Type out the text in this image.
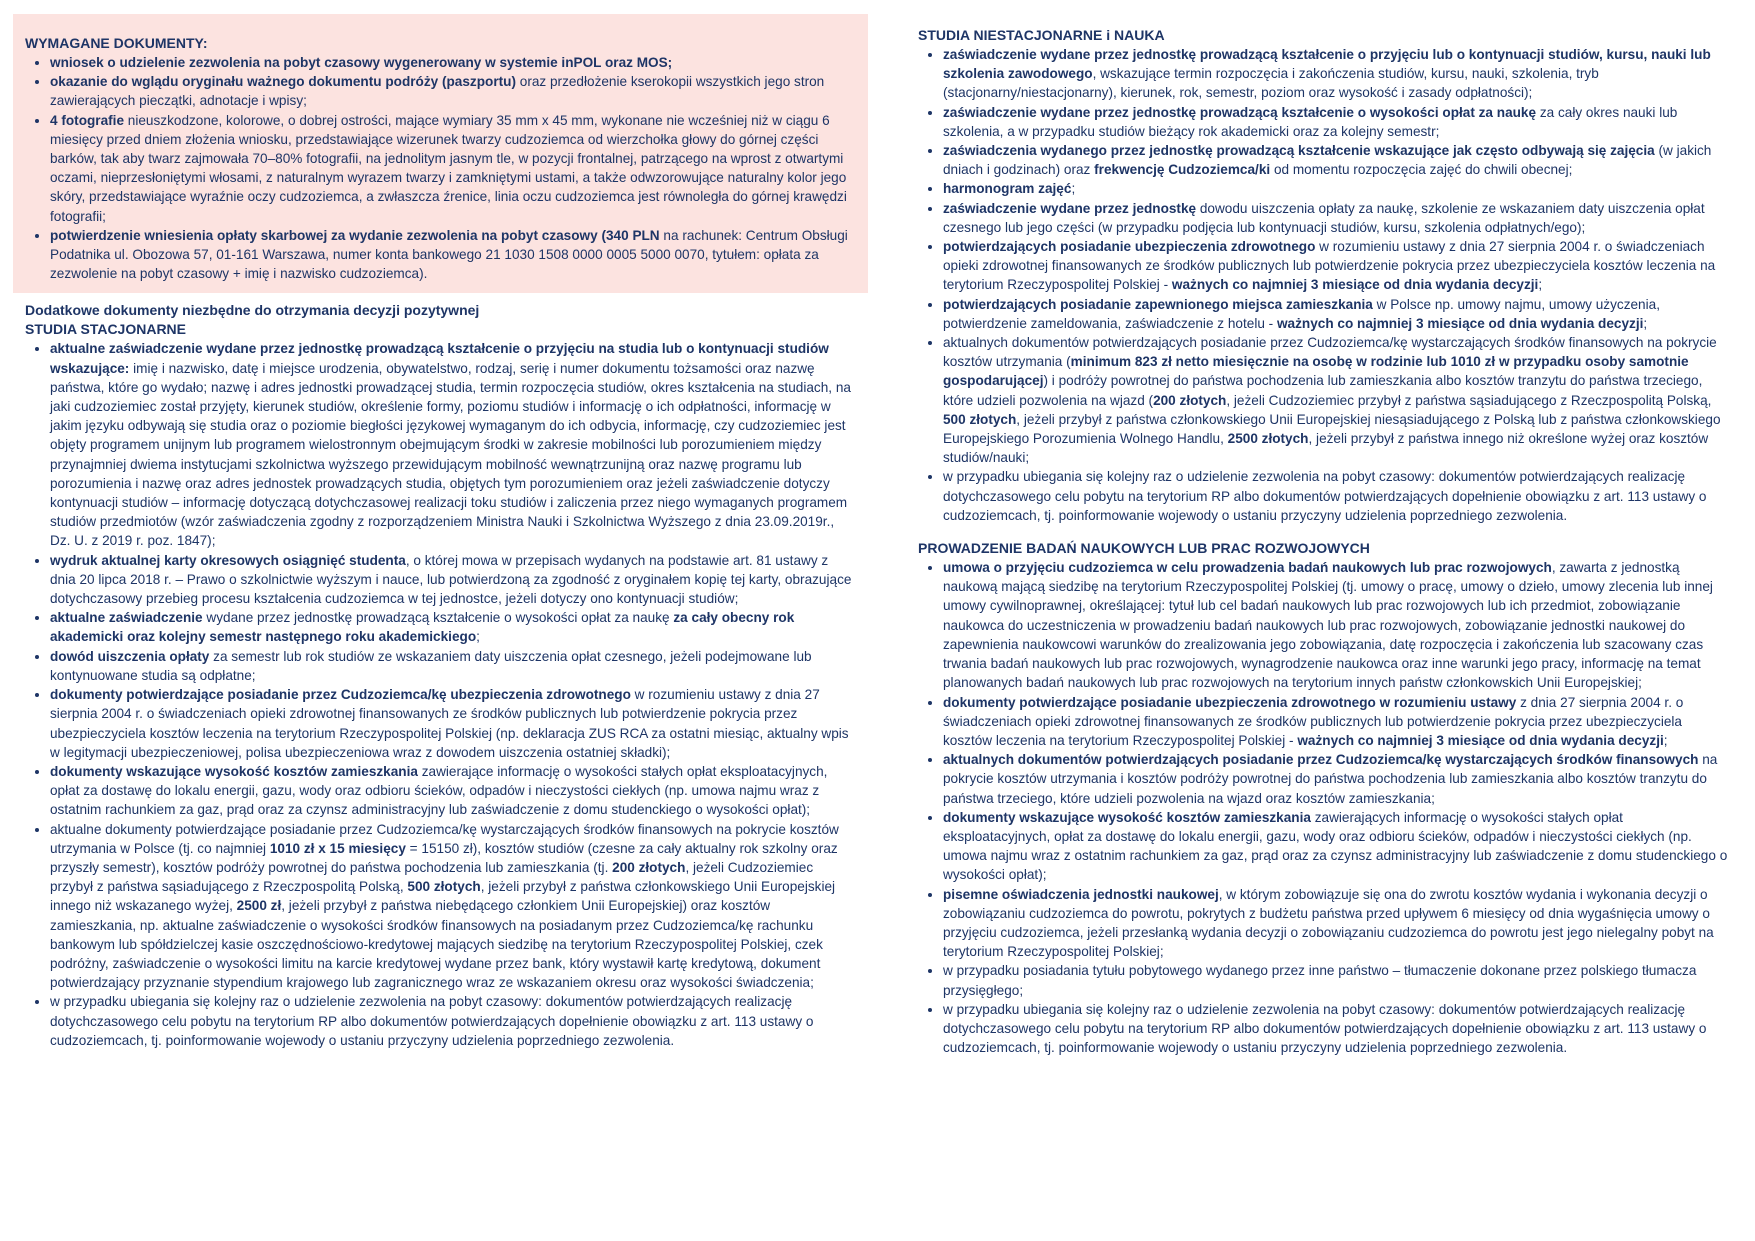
WYMAGANE DOKUMENTY:
• wniosek o udzielenie zezwolenia na pobyt czasowy wygenerowany w systemie inPOL oraz MOS;
• okazanie do wglądu oryginału ważnego dokumentu podróży (paszportu) oraz przedłożenie kserokopii wszystkich jego stron zawierających pieczątki, adnotacje i wpisy;
• 4 fotografie nieuszkodzone, kolorowe, o dobrej ostrości, mające wymiary 35 mm x 45 mm, wykonane nie wcześniej niż w ciągu 6 miesięcy przed dniem złożenia wniosku, przedstawiające wizerunek twarzy cudzoziemca od wierzchołka głowy do górnej części barków, tak aby twarz zajmowała 70–80% fotografii, na jednolitym jasnym tle, w pozycji frontalnej, patrzącego na wprost z otwartymi oczami, nieprzesłoniętymi włosami, z naturalnym wyrazem twarzy i zamkniętymi ustami, a także odwzorowujące naturalny kolor jego skóry, przedstawiające wyraźnie oczy cudzoziemca, a zwłaszcza źrenice, linia oczu cudzoziemca jest równoległa do górnej krawędzi fotografii;
• potwierdzenie wniesienia opłaty skarbowej za wydanie zezwolenia na pobyt czasowy (340 PLN na rachunek: Centrum Obsługi Podatnika ul. Obozowa 57, 01-161 Warszawa, numer konta bankowego 21 1030 1508 0000 0005 5000 0070, tytułem: opłata za zezwolenie na pobyt czasowy + imię i nazwisko cudzoziemca).
Dodatkowe dokumenty niezbędne do otrzymania decyzji pozytywnej
STUDIA STACJONARNE
• aktualne zaświadczenie wydane przez jednostkę prowadzącą kształcenie o przyjęciu na studia lub o kontynuacji studiów wskazujące: imię i nazwisko, datę i miejsce urodzenia, obywatelstwo, rodzaj, serię i numer dokumentu tożsamości oraz nazwę państwa, które go wydało; nazwę i adres jednostki prowadzącej studia, termin rozpoczęcia studiów, okres kształcenia na studiach, na jaki cudzoziemiec został przyjęty, kierunek studiów, określenie formy, poziomu studiów i informację o ich odpłatności, informację w jakim języku odbywają się studia oraz o poziomie biegłości językowej wymaganym do ich odbycia, informację, czy cudzoziemiec jest objęty programem unijnym lub programem wielostronnym obejmującym środki w zakresie mobilności lub porozumieniem między przynajmniej dwiema instytucjami szkolnictwa wyższego przewidującym mobilność wewnątrzunijną oraz nazwę programu lub porozumienia i nazwę oraz adres jednostek prowadzących studia, objętych tym porozumieniem oraz jeżeli zaświadczenie dotyczy kontynuacji studiów – informację dotyczącą dotychczasowej realizacji toku studiów i zaliczenia przez niego wymaganych programem studiów przedmiotów (wzór zaświadczenia zgodny z rozporządzeniem Ministra Nauki i Szkolnictwa Wyższego z dnia 23.09.2019r., Dz. U. z 2019 r. poz. 1847);
• wydruk aktualnej karty okresowych osiągnięć studenta, o której mowa w przepisach wydanych na podstawie art. 81 ustawy z dnia 20 lipca 2018 r. – Prawo o szkolnictwie wyższym i nauce, lub potwierdzoną za zgodność z oryginałem kopię tej karty, obrazujące dotychczasowy przebieg procesu kształcenia cudzoziemca w tej jednostce, jeżeli dotyczy ono kontynuacji studiów;
• aktualne zaświadczenie wydane przez jednostkę prowadzącą kształcenie o wysokości opłat za naukę za cały obecny rok akademicki oraz kolejny semestr następnego roku akademickiego;
• dowód uiszczenia opłaty za semestr lub rok studiów ze wskazaniem daty uiszczenia opłat czesnego, jeżeli podejmowane lub kontynuowane studia są odpłatne;
• dokumenty potwierdzające posiadanie przez Cudzoziemca/kę ubezpieczenia zdrowotnego w rozumieniu ustawy z dnia 27 sierpnia 2004 r. o świadczeniach opieki zdrowotnej finansowanych ze środków publicznych lub potwierdzenie pokrycia przez ubezpieczyciela kosztów leczenia na terytorium Rzeczypospolitej Polskiej (np. deklaracja ZUS RCA za ostatni miesiąc, aktualny wpis w legitymacji ubezpieczeniowej, polisa ubezpieczeniowa wraz z dowodem uiszczenia ostatniej składki);
• dokumenty wskazujące wysokość kosztów zamieszkania zawierające informację o wysokości stałych opłat eksploatacyjnych, opłat za dostawę do lokalu energii, gazu, wody oraz odbioru ścieków, odpadów i nieczystości ciekłych (np. umowa najmu wraz z ostatnim rachunkiem za gaz, prąd oraz za czynsz administracyjny lub zaświadczenie z domu studenckiego o wysokości opłat);
• aktualne dokumenty potwierdzające posiadanie przez Cudzoziemca/kę wystarczających środków finansowych na pokrycie kosztów utrzymania w Polsce (tj. co najmniej 1010 zł x 15 miesięcy = 15150 zł), kosztów studiów (czesne za cały aktualny rok szkolny oraz przyszły semestr), kosztów podróży powrotnej do państwa pochodzenia lub zamieszkania (tj. 200 złotych, jeżeli Cudzoziemiec przybył z państwa sąsiadującego z Rzeczpospolitą Polską, 500 złotych, jeżeli przybył z państwa członkowskiego Unii Europejskiej innego niż wskazanego wyżej, 2500 zł, jeżeli przybył z państwa niebędącego członkiem Unii Europejskiej) oraz kosztów zamieszkania, np. aktualne zaświadczenie o wysokości środków finansowych na posiadanym przez Cudzoziemca/kę rachunku bankowym lub spółdzielczej kasie oszczędnościowo-kredytowej mających siedzibę na terytorium Rzeczypospolitej Polskiej, czek podróżny, zaświadczenie o wysokości limitu na karcie kredytowej wydane przez bank, który wystawił kartę kredytową, dokument potwierdzający przyznanie stypendium krajowego lub zagranicznego wraz ze wskazaniem okresu oraz wysokości świadczenia;
• w przypadku ubiegania się kolejny raz o udzielenie zezwolenia na pobyt czasowy: dokumentów potwierdzających realizację dotychczasowego celu pobytu na terytorium RP albo dokumentów potwierdzających dopełnienie obowiązku z art. 113 ustawy o cudzoziemcach, tj. poinformowanie wojewody o ustaniu przyczyny udzielenia poprzedniego zezwolenia.
STUDIA NIESTACJONARNE i NAUKA
• zaświadczenie wydane przez jednostkę prowadzącą kształcenie o przyjęciu lub o kontynuacji studiów, kursu, nauki lub szkolenia zawodowego, wskazujące termin rozpoczęcia i zakończenia studiów, kursu, nauki, szkolenia, tryb (stacjonarny/niestacjonarny), kierunek, rok, semestr, poziom oraz wysokość i zasady odpłatności);
• zaświadczenie wydane przez jednostkę prowadzącą kształcenie o wysokości opłat za naukę za cały okres nauki lub szkolenia, a w przypadku studiów bieżący rok akademicki oraz za kolejny semestr;
• zaświadczenia wydanego przez jednostkę prowadzącą kształcenie wskazujące jak często odbywają się zajęcia (w jakich dniach i godzinach) oraz frekwencję Cudzoziemca/ki od momentu rozpoczęcia zajęć do chwili obecnej;
• harmonogram zajęć;
• zaświadczenie wydane przez jednostkę dowodu uiszczenia opłaty za naukę, szkolenie ze wskazaniem daty uiszczenia opłat czesnego lub jego części (w przypadku podjęcia lub kontynuacji studiów, kursu, szkolenia odpłatnych/ego);
• potwierdzających posiadanie ubezpieczenia zdrowotnego w rozumieniu ustawy z dnia 27 sierpnia 2004 r. o świadczeniach opieki zdrowotnej finansowanych ze środków publicznych lub potwierdzenie pokrycia przez ubezpieczyciela kosztów leczenia na terytorium Rzeczypospolitej Polskiej - ważnych co najmniej 3 miesiące od dnia wydania decyzji;
• potwierdzających posiadanie zapewnionego miejsca zamieszkania w Polsce np. umowy najmu, umowy użyczenia, potwierdzenie zameldowania, zaświadczenie z hotelu - ważnych co najmniej 3 miesiące od dnia wydania decyzji;
• aktualnych dokumentów potwierdzających posiadanie przez Cudzoziemca/kę wystarczających środków finansowych na pokrycie kosztów utrzymania (minimum 823 zł netto miesięcznie na osobę w rodzinie lub 1010 zł w przypadku osoby samotnie gospodarującej) i podróży powrotnej do państwa pochodzenia lub zamieszkania albo kosztów tranzytu do państwa trzeciego, które udzieli pozwolenia na wjazd (200 złotych, jeżeli Cudzoziemiec przybył z państwa sąsiadującego z Rzeczpospolitą Polską, 500 złotych, jeżeli przybył z państwa członkowskiego Unii Europejskiej niesąsiadującego z Polską lub z państwa członkowskiego Europejskiego Porozumienia Wolnego Handlu, 2500 złotych, jeżeli przybył z państwa innego niż określone wyżej oraz kosztów studiów/nauki;
• w przypadku ubiegania się kolejny raz o udzielenie zezwolenia na pobyt czasowy: dokumentów potwierdzających realizację dotychczasowego celu pobytu na terytorium RP albo dokumentów potwierdzających dopełnienie obowiązku z art. 113 ustawy o cudzoziemcach, tj. poinformowanie wojewody o ustaniu przyczyny udzielenia poprzedniego zezwolenia.
PROWADZENIE BADAŃ NAUKOWYCH LUB PRAC ROZWOJOWYCH
• umowa o przyjęciu cudzoziemca w celu prowadzenia badań naukowych lub prac rozwojowych, zawarta z jednostką naukową mającą siedzibę na terytorium Rzeczypospolitej Polskiej (tj. umowy o pracę, umowy o dzieło, umowy zlecenia lub innej umowy cywilnoprawnej, określającej: tytuł lub cel badań naukowych lub prac rozwojowych lub ich przedmiot, zobowiązanie naukowca do uczestniczenia w prowadzeniu badań naukowych lub prac rozwojowych, zobowiązanie jednostki naukowej do zapewnienia naukowcowi warunków do zrealizowania jego zobowiązania, datę rozpoczęcia i zakończenia lub szacowany czas trwania badań naukowych lub prac rozwojowych, wynagrodzenie naukowca oraz inne warunki jego pracy, informację na temat planowanych badań naukowych lub prac rozwojowych na terytorium innych państw członkowskich Unii Europejskiej;
• dokumenty potwierdzające posiadanie ubezpieczenia zdrowotnego w rozumieniu ustawy z dnia 27 sierpnia 2004 r. o świadczeniach opieki zdrowotnej finansowanych ze środków publicznych lub potwierdzenie pokrycia przez ubezpieczyciela kosztów leczenia na terytorium Rzeczypospolitej Polskiej - ważnych co najmniej 3 miesiące od dnia wydania decyzji;
• aktualnych dokumentów potwierdzających posiadanie przez Cudzoziemca/kę wystarczających środków finansowych na pokrycie kosztów utrzymania i kosztów podróży powrotnej do państwa pochodzenia lub zamieszkania albo kosztów tranzytu do państwa trzeciego, które udzieli pozwolenia na wjazd oraz kosztów zamieszkania;
• dokumenty wskazujące wysokość kosztów zamieszkania zawierających informację o wysokości stałych opłat eksploatacyjnych, opłat za dostawę do lokalu energii, gazu, wody oraz odbioru ścieków, odpadów i nieczystości ciekłych (np. umowa najmu wraz z ostatnim rachunkiem za gaz, prąd oraz za czynsz administracyjny lub zaświadczenie z domu studenckiego o wysokości opłat);
• pisemne oświadczenia jednostki naukowej, w którym zobowiązuje się ona do zwrotu kosztów wydania i wykonania decyzji o zobowiązaniu cudzoziemca do powrotu, pokrytych z budżetu państwa przed upływem 6 miesięcy od dnia wygaśnięcia umowy o przyjęciu cudzoziemca, jeżeli przesłanką wydania decyzji o zobowiązaniu cudzoziemca do powrotu jest jego nielegalny pobyt na terytorium Rzeczypospolitej Polskiej;
• w przypadku posiadania tytułu pobytowego wydanego przez inne państwo – tłumaczenie dokonane przez polskiego tłumacza przysięgłego;
• w przypadku ubiegania się kolejny raz o udzielenie zezwolenia na pobyt czasowy: dokumentów potwierdzających realizację dotychczasowego celu pobytu na terytorium RP albo dokumentów potwierdzających dopełnienie obowiązku z art. 113 ustawy o cudzoziemcach, tj. poinformowanie wojewody o ustaniu przyczyny udzielenia poprzedniego zezwolenia.
